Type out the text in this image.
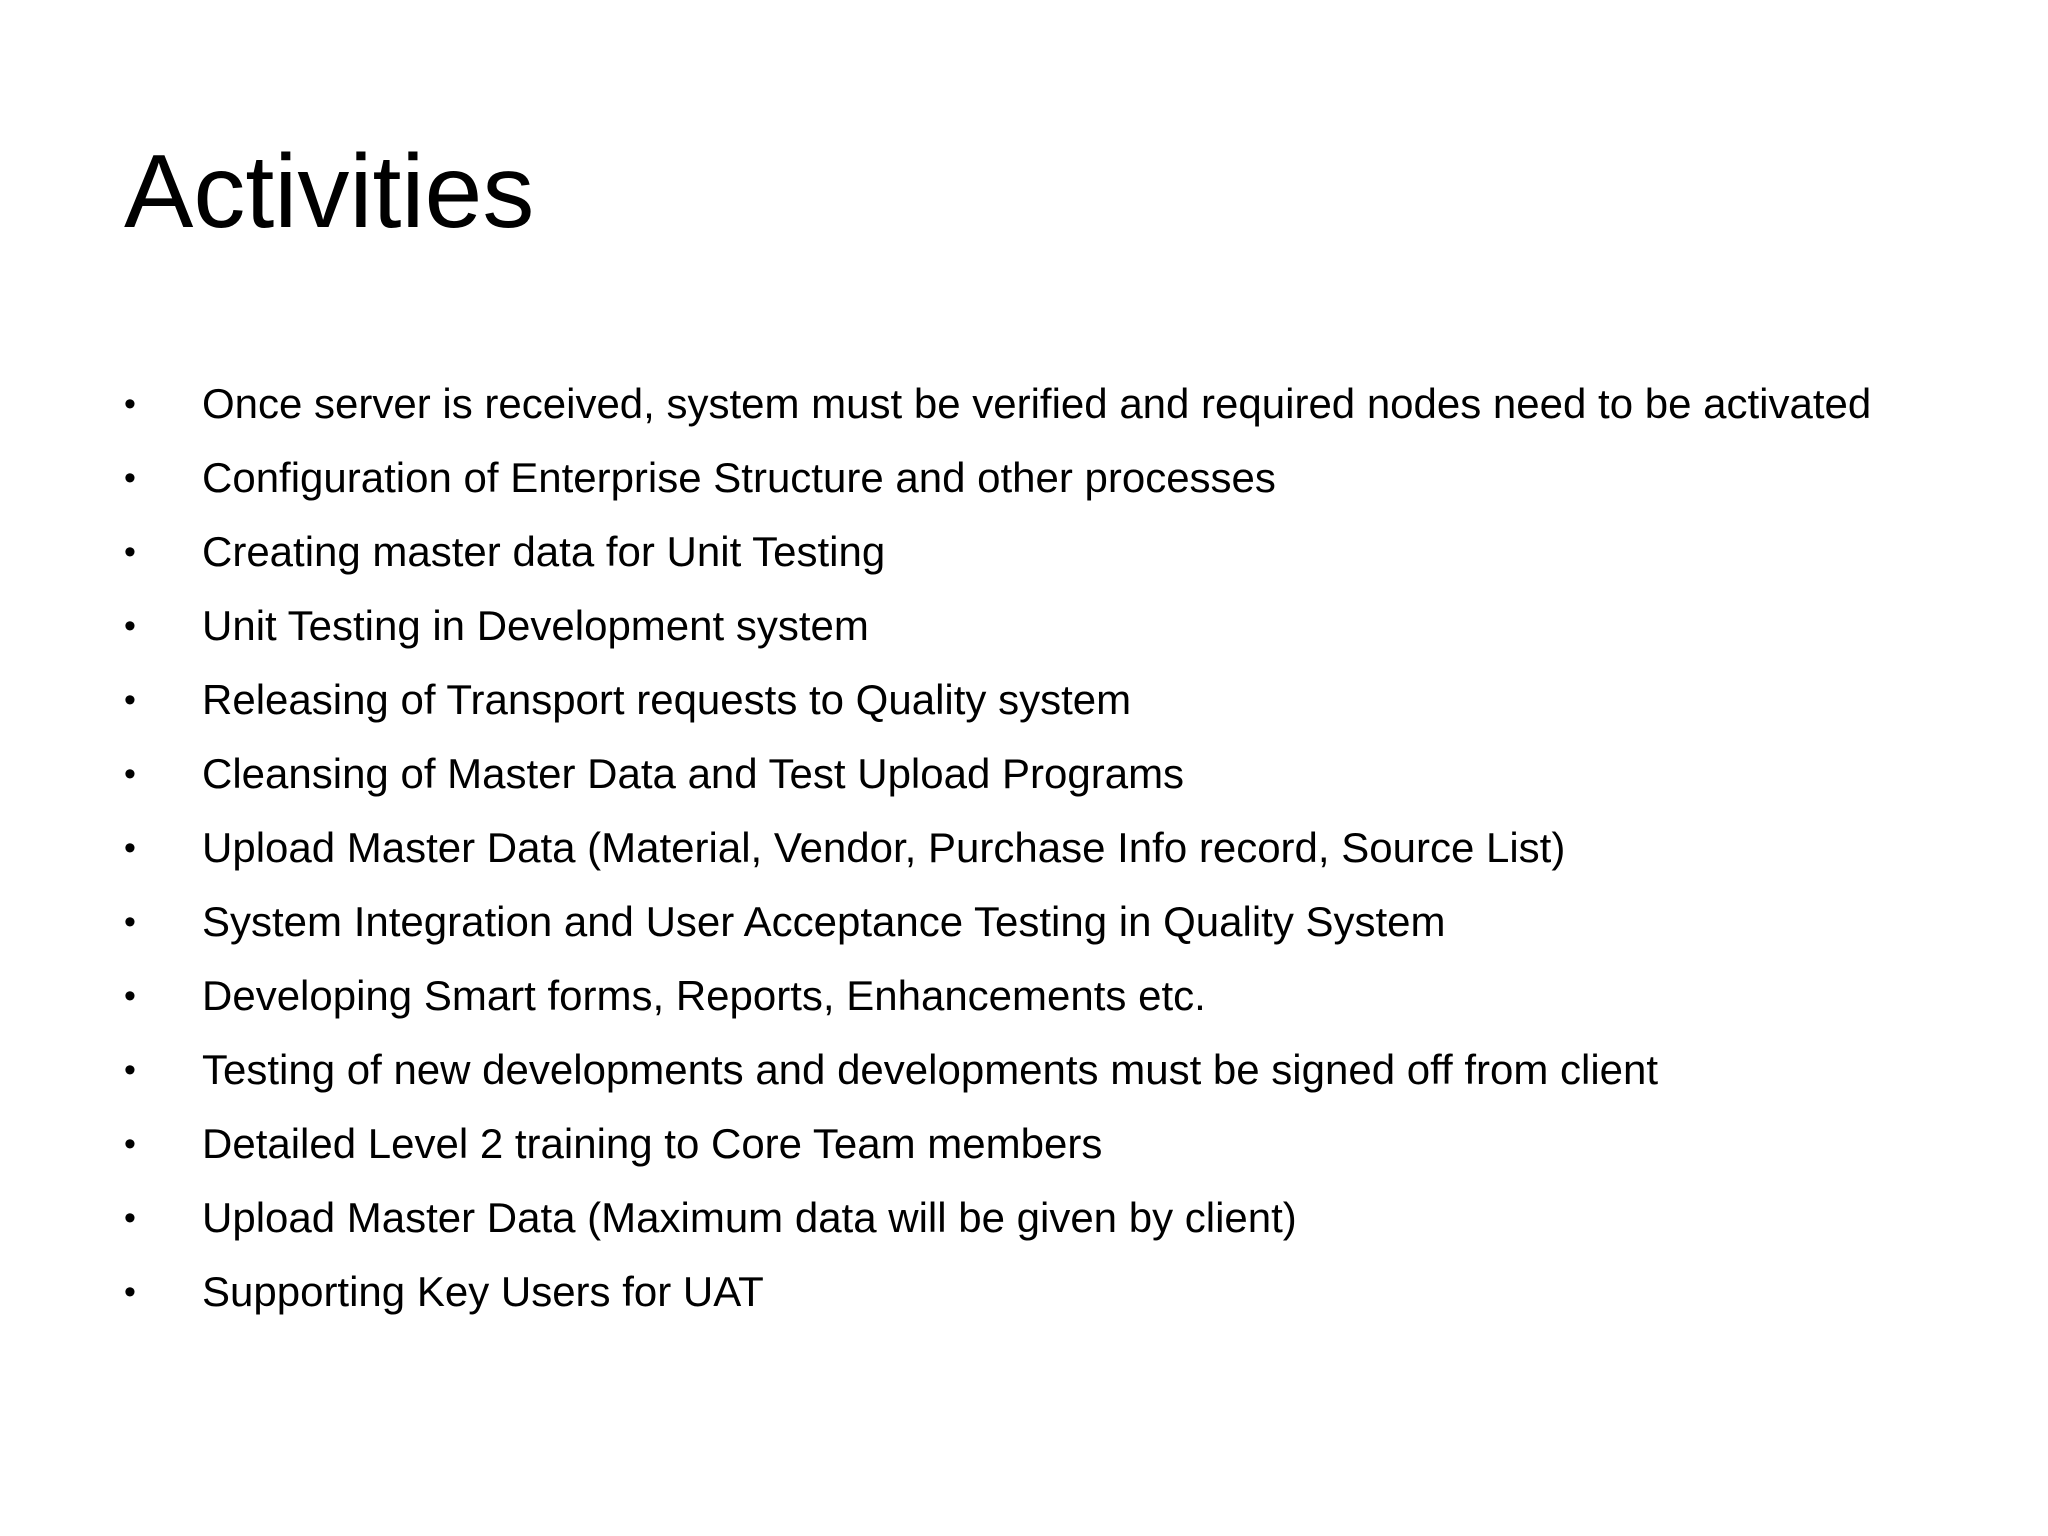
Activities
•	Once server is received, system must be verified and required nodes need to be activated
•	Configuration of Enterprise Structure and other processes
•	Creating master data for Unit Testing
•	Unit Testing in Development system
•	Releasing of Transport requests to Quality system
•	Cleansing of Master Data and Test Upload Programs
•	Upload Master Data (Material, Vendor, Purchase Info record, Source List)
•	System Integration and User Acceptance Testing in Quality System
•	Developing Smart forms, Reports, Enhancements etc.
•	Testing of new developments and developments must be signed off from client
•	Detailed Level 2 training to Core Team members
•	Upload Master Data (Maximum data will be given by client)
•	Supporting Key Users for UAT
